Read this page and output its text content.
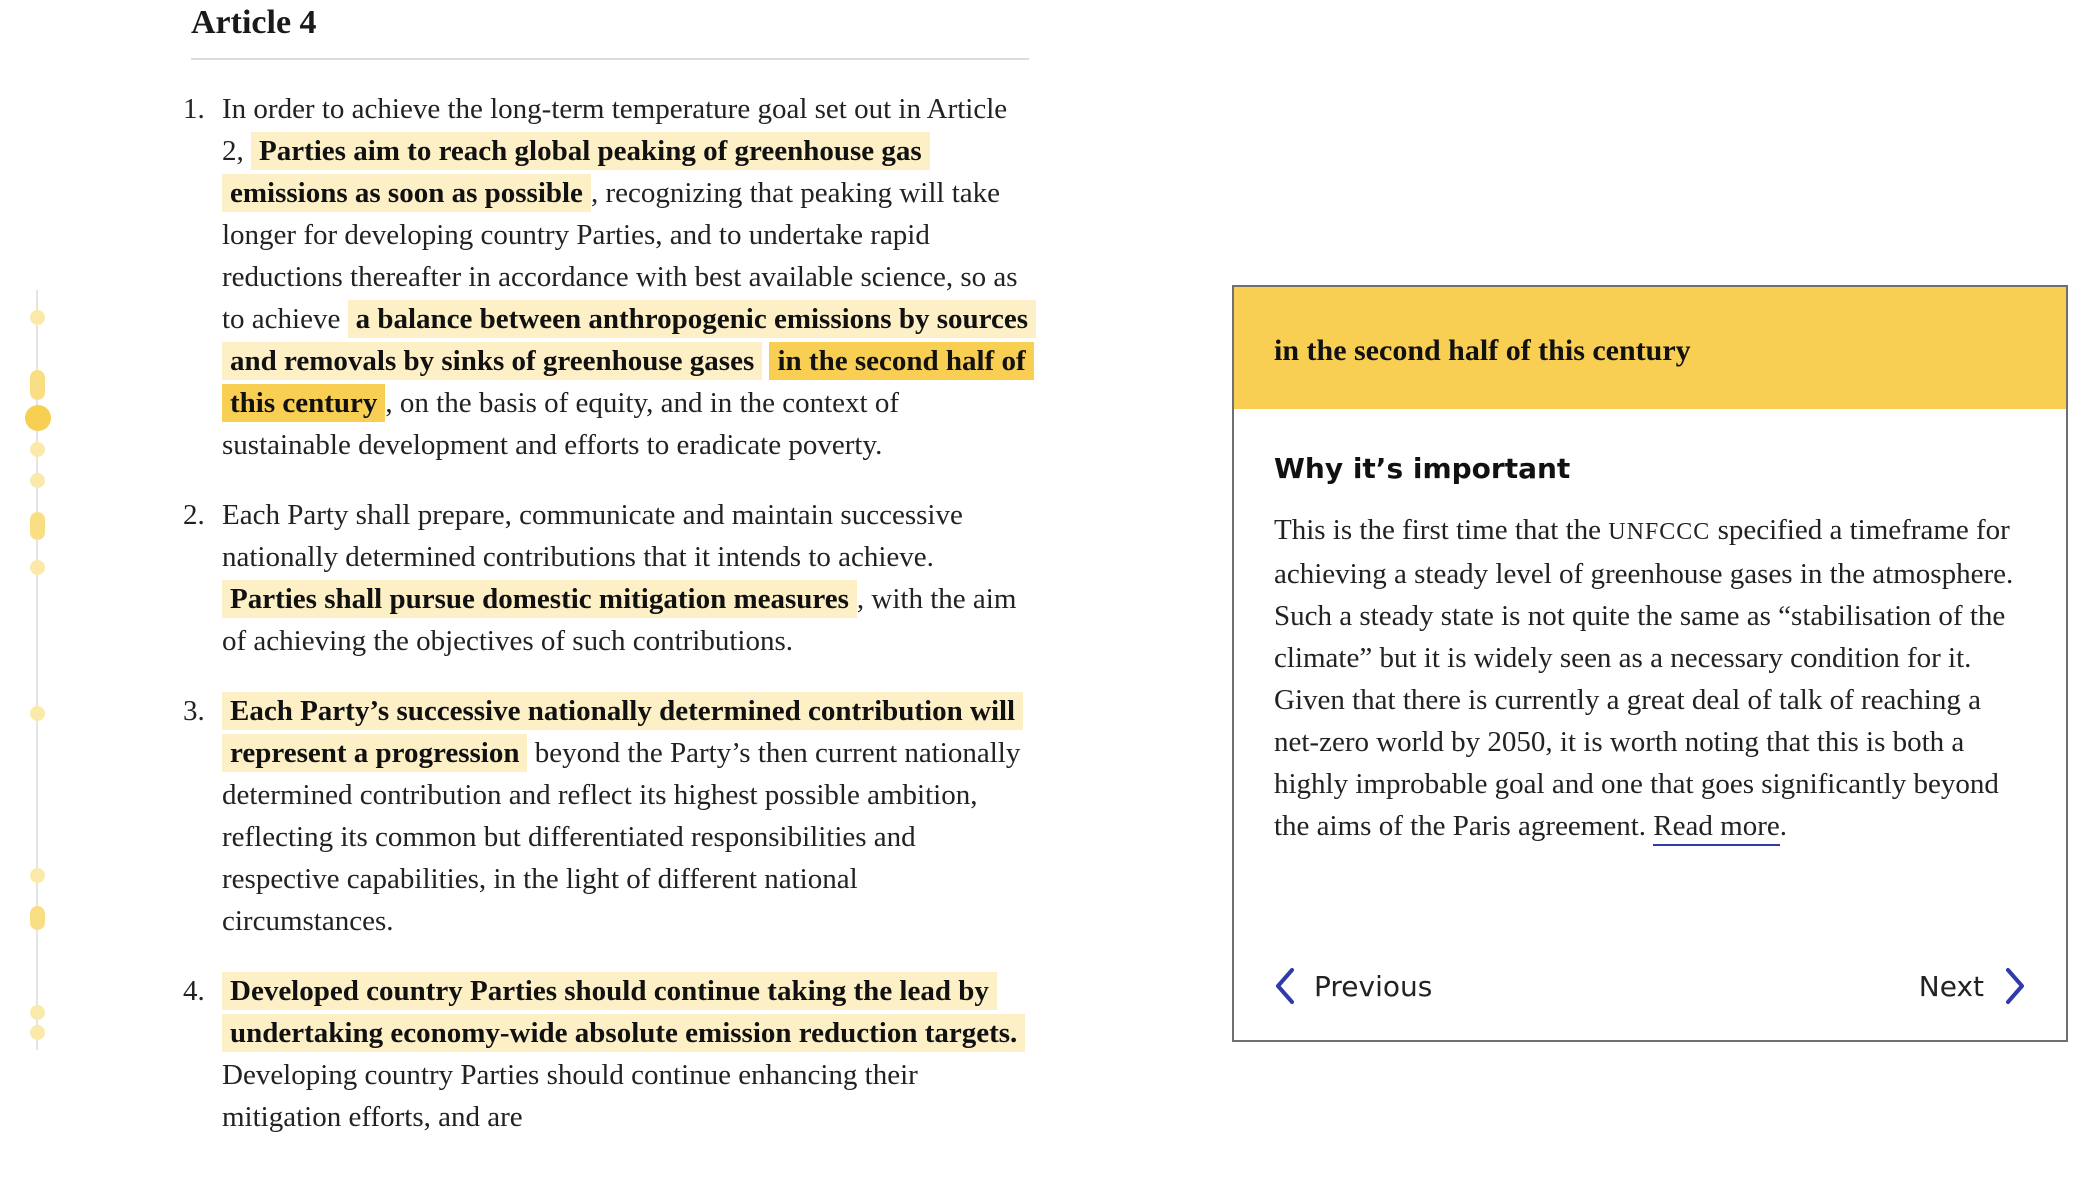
Article 4
1. In order to achieve the long-term temperature goal set out in Article 2, Parties aim to reach global peaking of greenhouse gas emissions as soon as possible , recognizing that peaking will take longer for developing country Parties, and to undertake rapid reductions thereafter in accordance with best available science, so as to achieve a balance between anthropogenic emissions by sources and removals by sinks of greenhouse gases in the second half of this century , on the basis of equity, and in the context of sustainable development and efforts to eradicate poverty.
2. Each Party shall prepare, communicate and maintain successive nationally determined contributions that it intends to achieve. Parties shall pursue domestic mitigation measures , with the aim of achieving the objectives of such contributions.
3. Each Party’s successive nationally determined contribution will represent a progression beyond the Party’s then current nationally determined contribution and reflect its highest possible ambition, reflecting its common but differentiated responsibilities and respective capabilities, in the light of different national circumstances.
4. Developed country Parties should continue taking the lead by undertaking economy-wide absolute emission reduction targets. Developing country Parties should continue enhancing their mitigation efforts, and are
in the second half of this century
Why it’s important

This is the first time that the UNFCCC specified a timeframe for achieving a steady level of greenhouse gases in the atmosphere. Such a steady state is not quite the same as “stabilisation of the climate” but it is widely seen as a necessary condition for it. Given that there is currently a great deal of talk of reaching a net-zero world by 2050, it is worth noting that this is both a highly improbable goal and one that goes significantly beyond the aims of the Paris agreement. Read more.

Previous	Next
